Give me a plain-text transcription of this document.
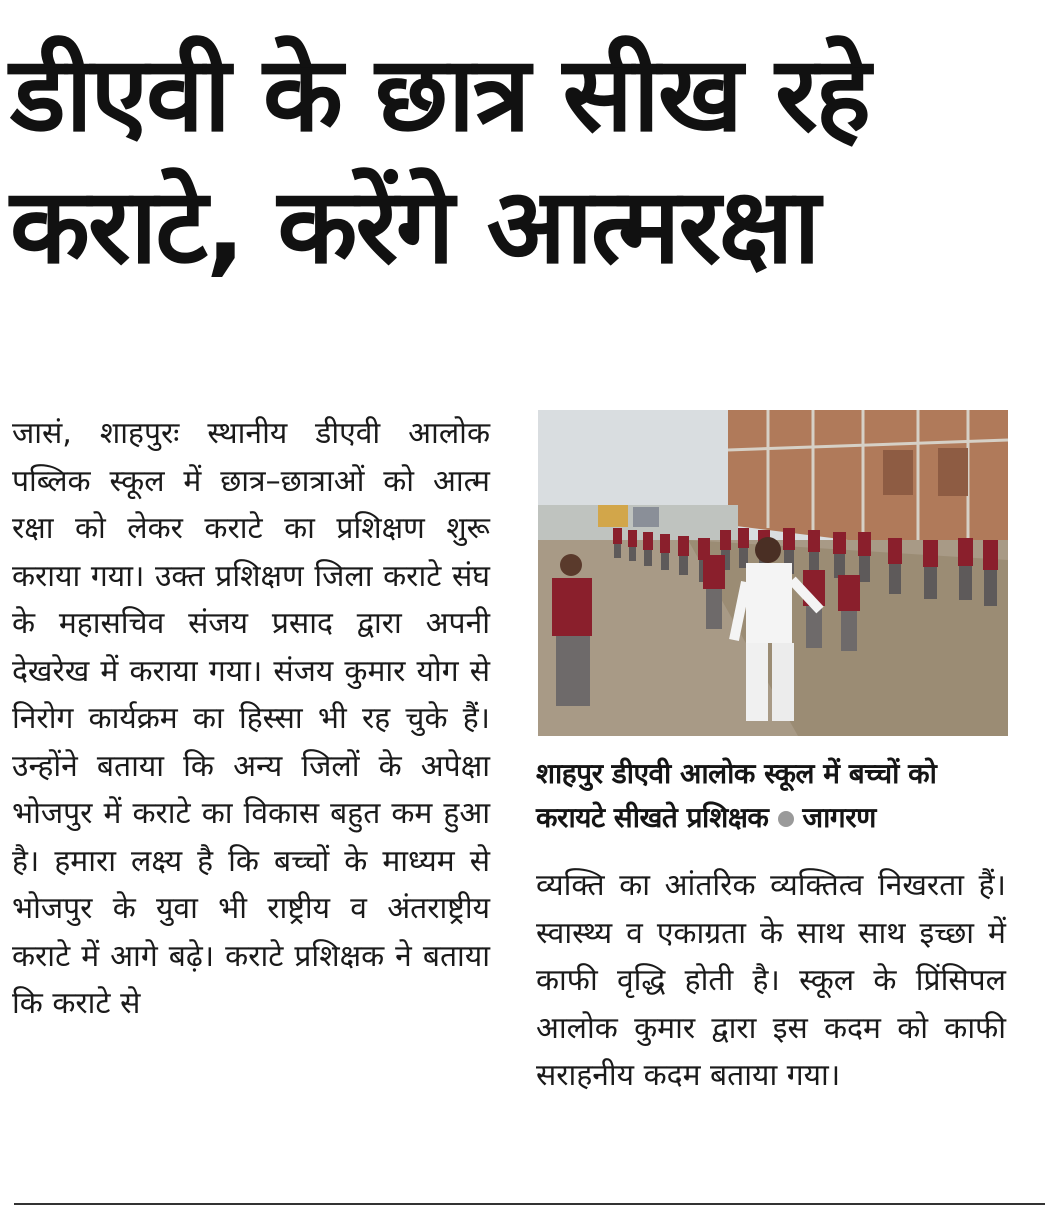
डीएवी के छात्र सीख रहे कराटे, करेंगे आत्मरक्षा

जासं, शाहपुरः स्थानीय डीएवी आलोक पब्लिक स्कूल में छात्र–छात्राओं को आत्म रक्षा को लेकर कराटे का प्रशिक्षण शुरू कराया गया। उक्त प्रशिक्षण जिला कराटे संघ के महासचिव संजय प्रसाद द्वारा अपनी देखरेख में कराया गया। संजय कुमार योग से निरोग कार्यक्रम का हिस्सा भी रह चुके हैं। उन्होंने बताया कि अन्य जिलों के अपेक्षा भोजपुर में कराटे का विकास बहुत कम हुआ है। हमारा लक्ष्य है कि बच्चों के माध्यम से भोजपुर के युवा भी राष्ट्रीय व अंतराष्ट्रीय कराटे में आगे बढ़े। कराटे प्रशिक्षक ने बताया कि कराटे से

शाहपुर डीएवी आलोक स्कूल में बच्चों को करायटे सीखते प्रशिक्षक जागरण

व्यक्ति का आंतरिक व्यक्तित्व निखरता हैं। स्वास्थ्य व एकाग्रता के साथ साथ इच्छा में काफी वृद्धि होती है। स्कूल के प्रिंसिपल आलोक कुमार द्वारा इस कदम को काफी सराहनीय कदम बताया गया।
